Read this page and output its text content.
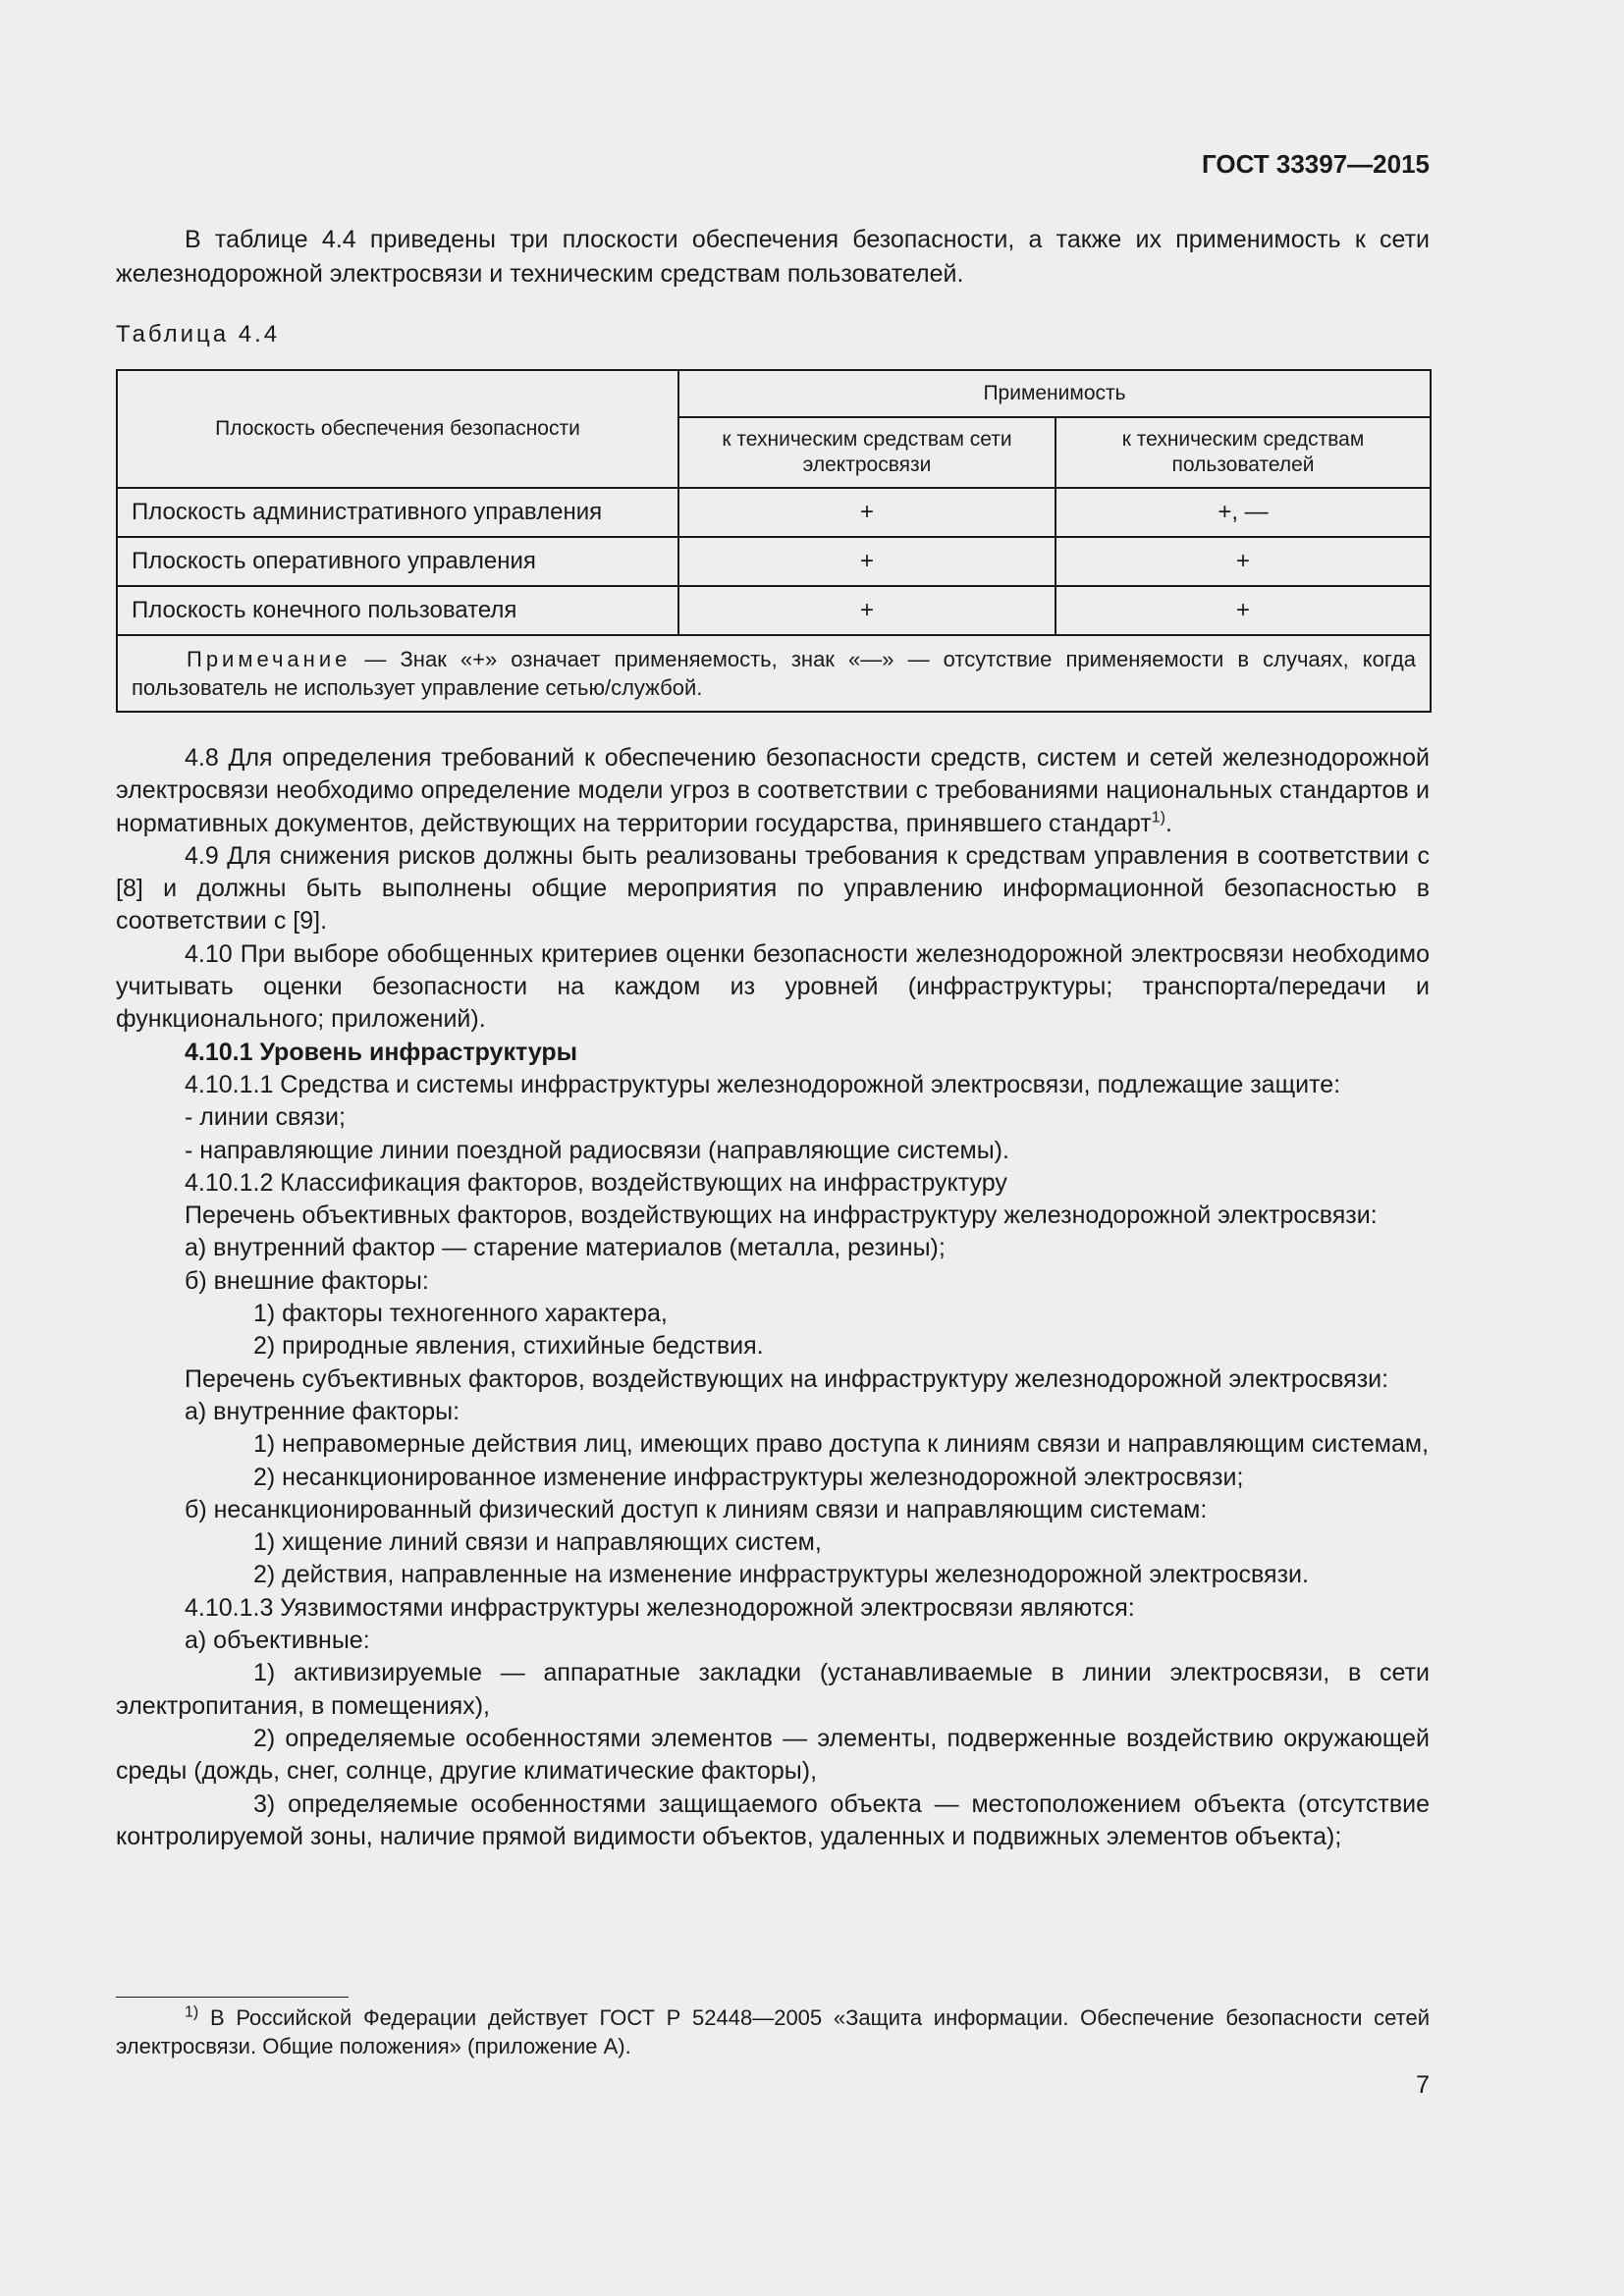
ГОСТ 33397—2015
В таблице 4.4 приведены три плоскости обеспечения безопасности, а также их применимость к сети железнодорожной электросвязи и техническим средствам пользователей.
Таблица 4.4
Плоскость обеспечения безопасности	Применимость	
	к техническим средствам сети электросвязи	к техническим средствам пользователей
Плоскость административного управления	+	+, —
Плоскость оперативного управления	+	+
Плоскость конечного пользователя	+	+

Примечание — Знак «+» означает применяемость, знак «—» — отсутствие применяемости в случаях, когда пользователь не использует управление сетью/службой.		

4.8 Для определения требований к обеспечению безопасности средств, систем и сетей железнодорожной электросвязи необходимо определение модели угроз в соответствии с требованиями национальных стандартов и нормативных документов, действующих на территории государства, принявшего стандарт$^{1)}$.

4.9 Для снижения рисков должны быть реализованы требования к средствам управления в соответствии с [8] и должны быть выполнены общие мероприятия по управлению информационной безопасностью в соответствии с [9].

4.10 При выборе обобщенных критериев оценки безопасности железнодорожной электросвязи необходимо учитывать оценки безопасности на каждом из уровней (инфраструктуры; транспорта/передачи и функционального; приложений).

4.10.1 Уровень инфраструктуры

4.10.1.1 Средства и системы инфраструктуры железнодорожной электросвязи, подлежащие защите:

- линии связи;

- направляющие линии поездной радиосвязи (направляющие системы).

4.10.1.2 Классификация факторов, воздействующих на инфраструктуру

Перечень объективных факторов, воздействующих на инфраструктуру железнодорожной электросвязи:

а) внутренний фактор — старение материалов (металла, резины);

б) внешние факторы:

1) факторы техногенного характера,

2) природные явления, стихийные бедствия.

Перечень субъективных факторов, воздействующих на инфраструктуру железнодорожной электросвязи:

а) внутренние факторы:

1) неправомерные действия лиц, имеющих право доступа к линиям связи и направляющим системам,

2) несанкционированное изменение инфраструктуры железнодорожной электросвязи;

б) несанкционированный физический доступ к линиям связи и направляющим системам:

1) хищение линий связи и направляющих систем,

2) действия, направленные на изменение инфраструктуры железнодорожной электросвязи.

4.10.1.3 Уязвимостями инфраструктуры железнодорожной электросвязи являются:

а) объективные:

1) активизируемые — аппаратные закладки (устанавливаемые в линии электросвязи, в сети электропитания, в помещениях),

2) определяемые особенностями элементов — элементы, подверженные воздействию окружающей среды (дождь, снег, солнце, другие климатические факторы),

3) определяемые особенностями защищаемого объекта — местоположением объекта (отсутствие контролируемой зоны, наличие прямой видимости объектов, удаленных и подвижных элементов объекта);

$^{1)}$ В Российской Федерации действует ГОСТ Р 52448—2005 «Защита информации. Обеспечение безопасности сетей электросвязи. Общие положения» (приложение А).
7
